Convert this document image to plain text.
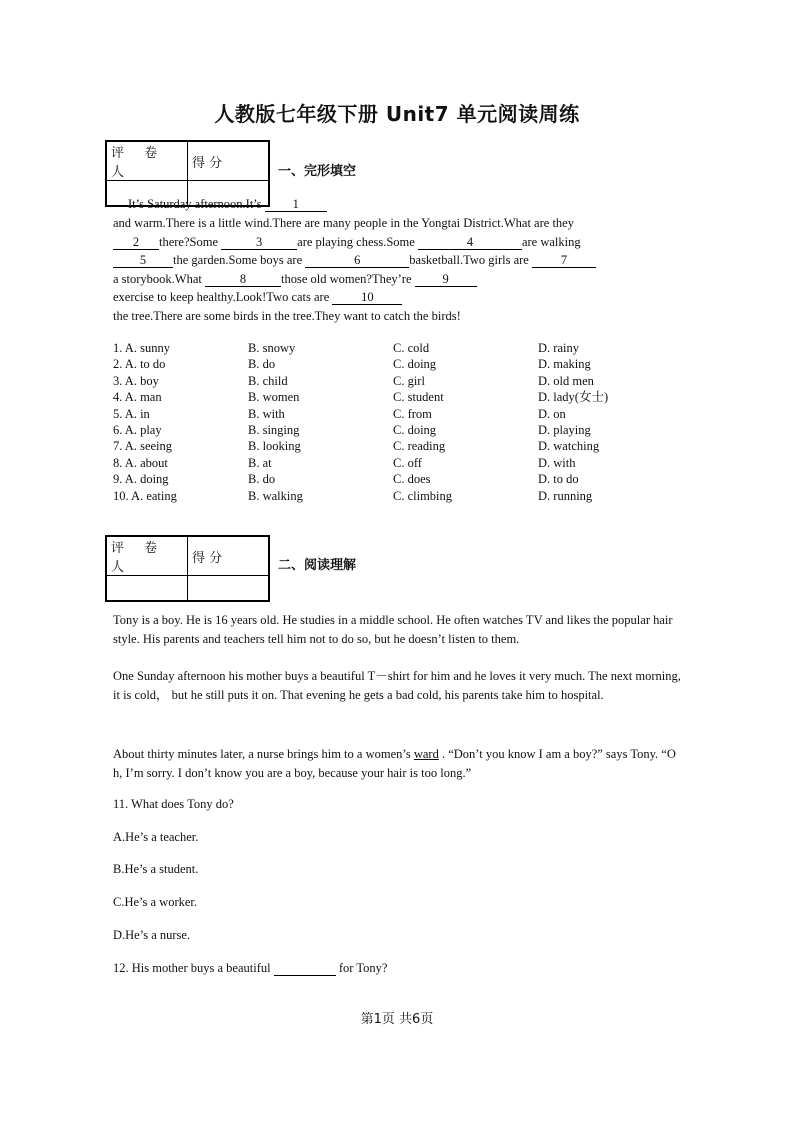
人教版七年级下册 Unit7 单元阅读周练
评 卷 人	得 分

一、完形填空
It’s Saturday afternoon.It’s 1
and warm.There is a little wind.There are many people in the Yongtai District.What are they
2 there?Some	3	are playing chess.Some	4	are walking
5 the garden.Some boys are	6	basketball.Two girls are 7
a storybook.What	8	those old women?They’re 9
exercise to keep healthy.Look!Two cats are 10
the tree.There are some birds in the tree.They want to catch the birds!
1. A. sunny	B. snowy	C. cold	D. rainy
2. A. to do	B. do	C. doing	D. making
3. A. boy	B. child	C. girl	D. old men
4. A. man	B. women	C. student	D. lady(女士)
5. A. in	B. with	C. from	D. on
6. A. play	B. singing	C. doing	D. playing
7. A. seeing	B. looking	C. reading	D. watching
8. A. about	B. at	C. off	D. with
9. A. doing	B. do	C. does	D. to do
10. A. eating	B. walking	C. climbing	D. running
评 卷 人	得 分
		二、阅读理解
Tony is a boy. He is 16 years old. He studies in a middle school. He often watches TV and likes the popular hair style. His parents and teachers tell him not to do so, but he doesn’t listen to them.
One Sunday afternoon his mother buys a beautiful T－shirt for him and he loves it very much. The next morning, it is cold， but he still puts it on. That evening he gets a bad cold, his parents take him to hospital.
About thirty minutes later, a nurse brings him to a women’s ward . “Don’t you know I am a boy?” says Tony. “Oh, I’m sorry. I don’t know you are a boy, because your hair is too long.”
11. What does Tony do?
A.He’s a teacher.
B.He’s a student.
C.He’s a worker.
D.He’s a nurse.
12. His mother buys a beautiful	for Tony?
第1页 共6页
